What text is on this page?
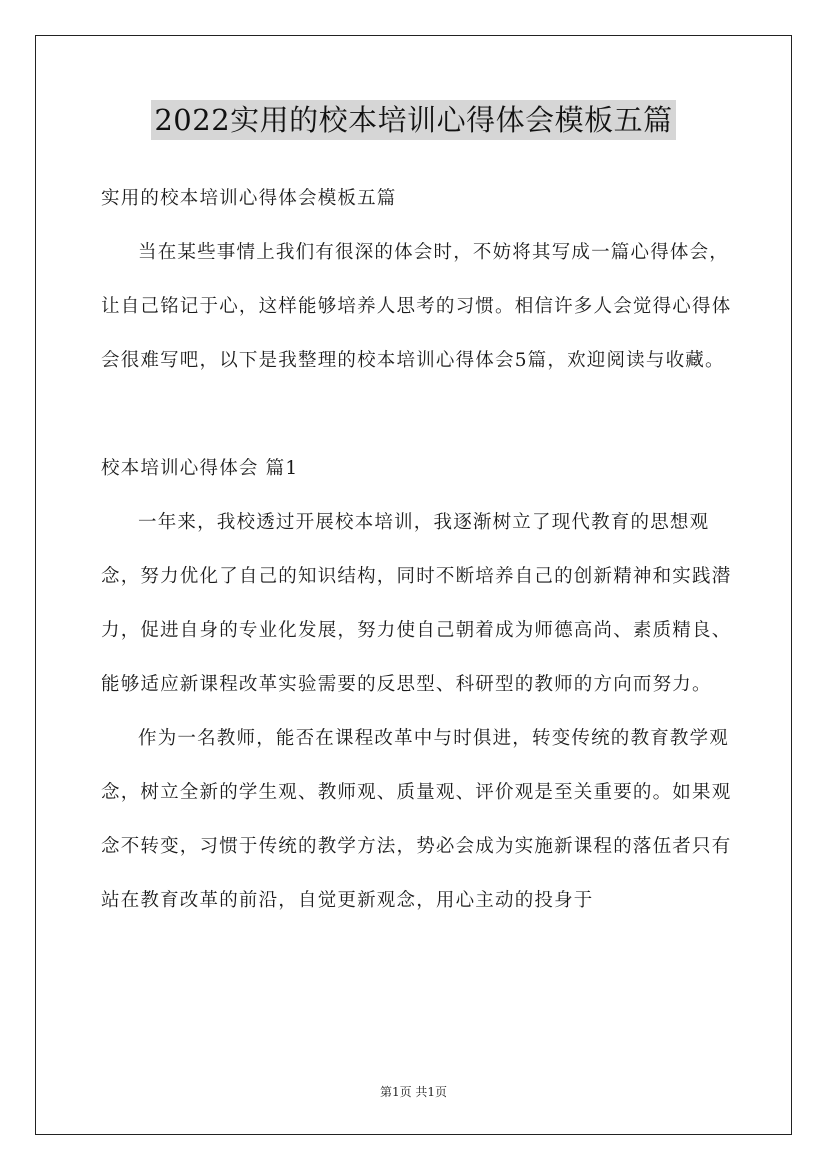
2022实用的校本培训心得体会模板五篇

实用的校本培训心得体会模板五篇

当在某些事情上我们有很深的体会时，不妨将其写成一篇心得体会，让自己铭记于心，这样能够培养人思考的习惯。相信许多人会觉得心得体会很难写吧，以下是我整理的校本培训心得体会5篇，欢迎阅读与收藏。

校本培训心得体会 篇1

一年来，我校透过开展校本培训，我逐渐树立了现代教育的思想观念，努力优化了自己的知识结构，同时不断培养自己的创新精神和实践潜力，促进自身的专业化发展，努力使自己朝着成为师德高尚、素质精良、能够适应新课程改革实验需要的反思型、科研型的教师的方向而努力。

作为一名教师，能否在课程改革中与时俱进，转变传统的教育教学观念，树立全新的学生观、教师观、质量观、评价观是至关重要的。如果观念不转变，习惯于传统的教学方法，势必会成为实施新课程的落伍者只有站在教育改革的前沿，自觉更新观念，用心主动的投身于

第1页 共1页
